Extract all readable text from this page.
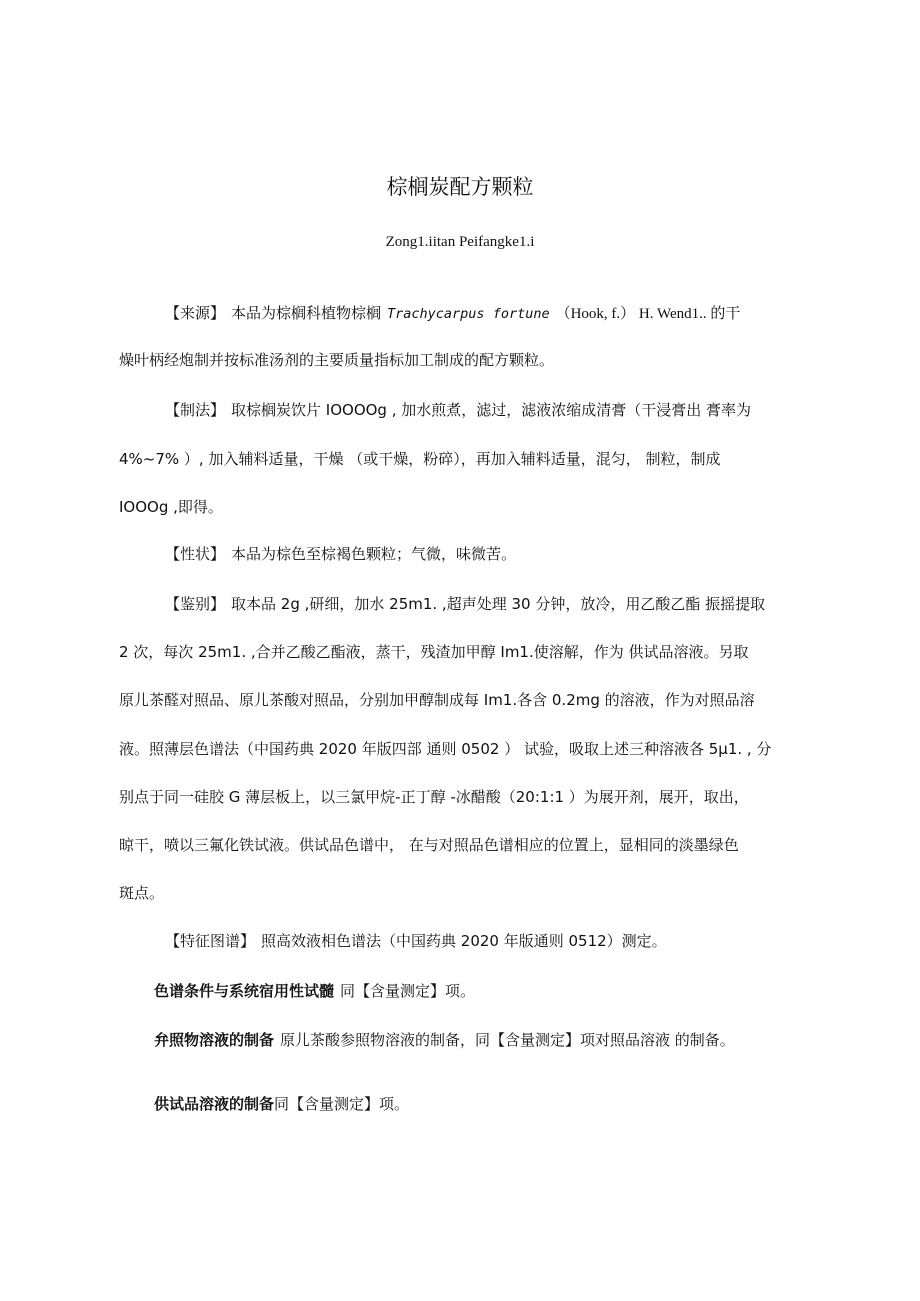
棕榈炭配方颗粒
Zong1.iitan Peifangke1.i
【来源】 本品为棕榈科植物棕榈 Trachycarpus fortune （Hook, f.） H. Wend1.. 的干
燥叶柄经炮制并按标准汤剂的主要质量指标加工制成的配方颗粒。
【制法】 取棕榈炭饮片 IOOOOg , 加水煎煮，滤过，滤液浓缩成清膏（干浸膏出 膏率为
4%~7% ）, 加入辅料适量，干燥 （或干燥，粉碎），再加入辅料适量，混匀， 制粒，制成
IOOOg ,即得。
【性状】 本品为棕色至棕褐色颗粒；气微，味微苦。
【鉴别】 取本品 2g ,研细，加水 25m1. ,超声处理 30 分钟，放冷，用乙酸乙酯 振摇提取
2 次，每次 25m1. ,合并乙酸乙酯液，蒸干，残渣加甲醇 Im1.使溶解，作为 供试品溶液。另取
原儿茶醛对照品、原儿茶酸对照品，分别加甲醇制成每 Im1.各含 0.2mg 的溶液，作为对照品溶
液。照薄层色谱法（中国药典 2020 年版四部 通则 0502 ） 试验，吸取上述三种溶液各 5μ1. , 分
别点于同一硅胶 G 薄层板上，以三氯甲烷-正丁醇 -冰醋酸（20:1:1 ）为展开剂，展开，取出，
晾干，喷以三氟化铁试液。供试品色谱中， 在与对照品色谱相应的位置上，显相同的淡墨绿色
斑点。
【特征图谱】 照高效液相色谱法（中国药典 2020 年版通则 0512）测定。
色谱条件与系统宿用性试髓 同【含量测定】项。
弁照物溶液的制备 原儿茶酸参照物溶液的制备，同【含量测定】项对照品溶液 的制备。
供试品溶液的制备同【含量测定】项。
